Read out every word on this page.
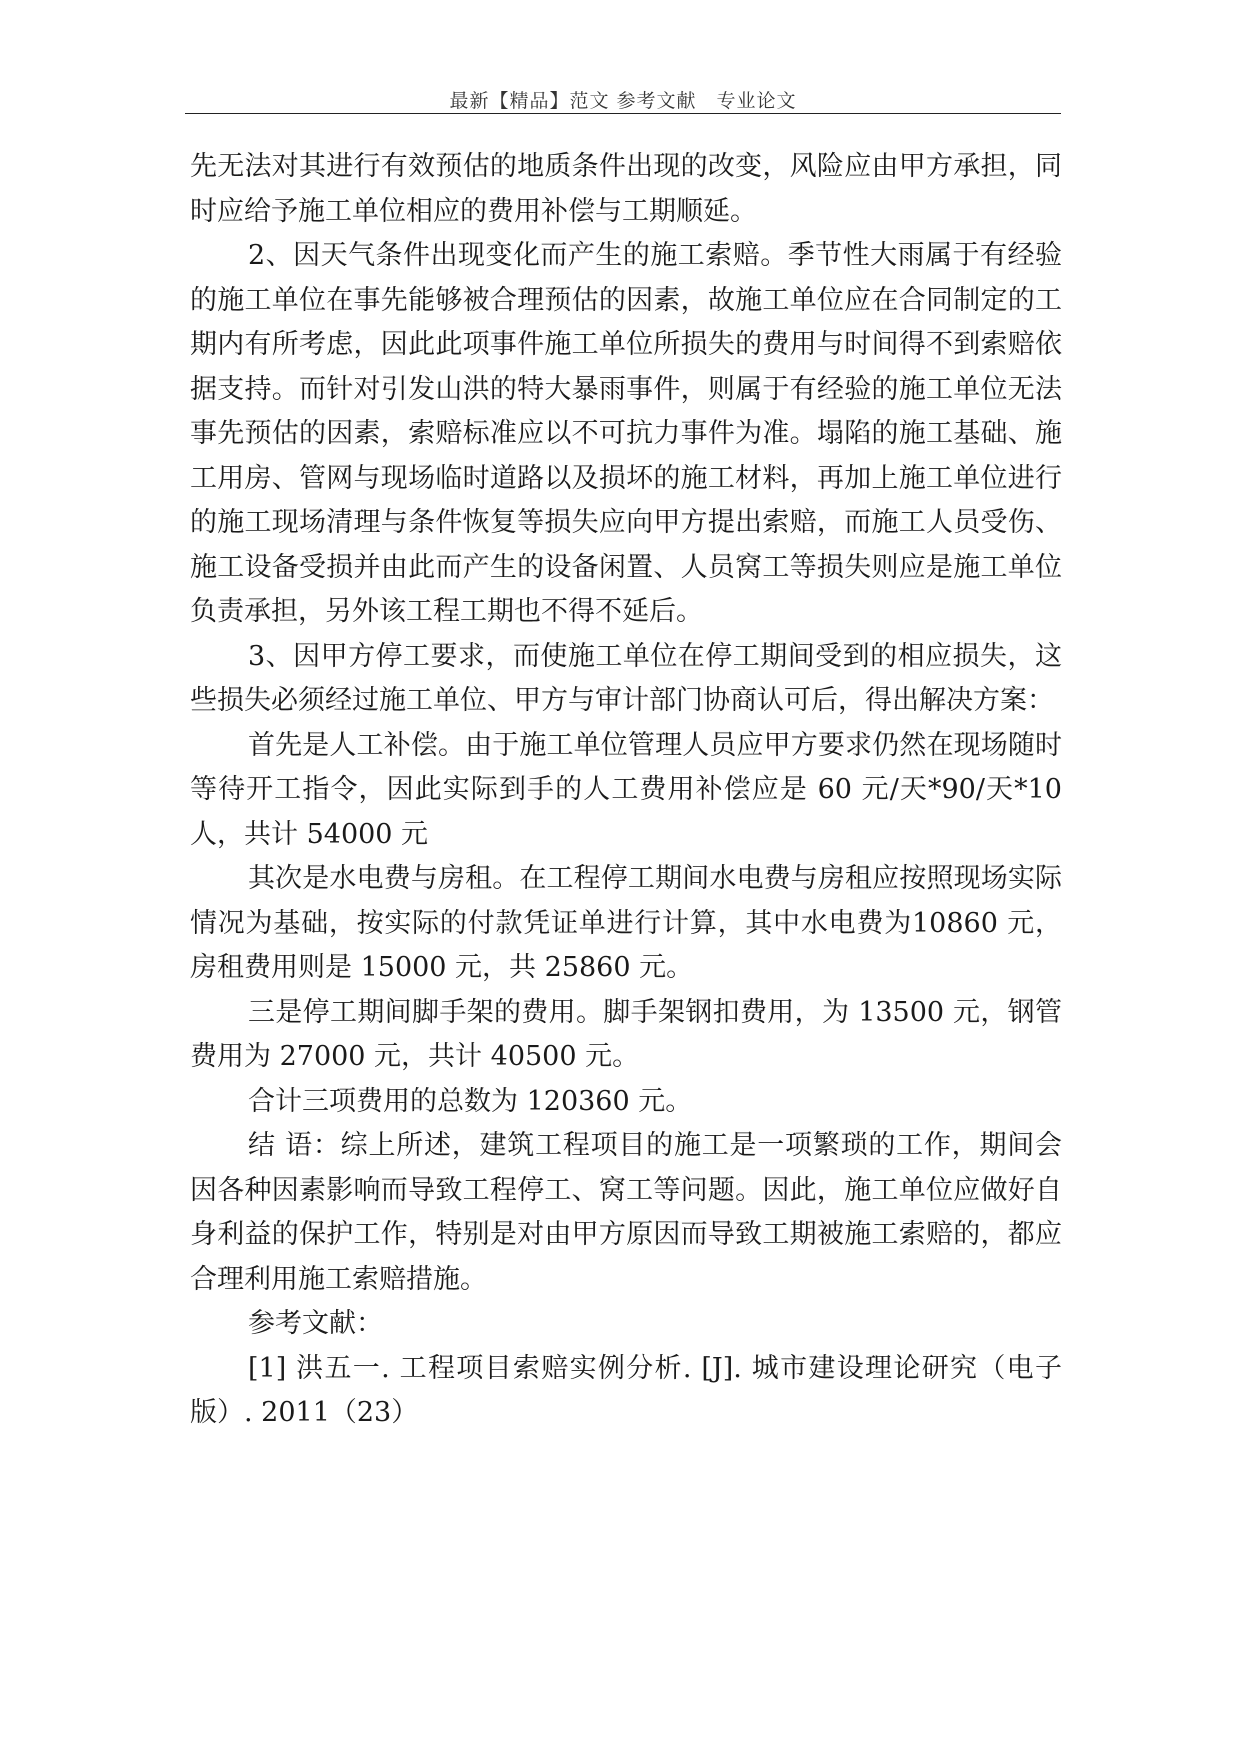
最新【精品】范文 参考文献　专业论文

先无法对其进行有效预估的地质条件出现的改变，风险应由甲方承担，同时应给予施工单位相应的费用补偿与工期顺延。

2、因天气条件出现变化而产生的施工索赔。季节性大雨属于有经验的施工单位在事先能够被合理预估的因素，故施工单位应在合同制定的工期内有所考虑，因此此项事件施工单位所损失的费用与时间得不到索赔依据支持。而针对引发山洪的特大暴雨事件，则属于有经验的施工单位无法事先预估的因素，索赔标准应以不可抗力事件为准。塌陷的施工基础、施工用房、管网与现场临时道路以及损坏的施工材料，再加上施工单位进行的施工现场清理与条件恢复等损失应向甲方提出索赔，而施工人员受伤、施工设备受损并由此而产生的设备闲置、人员窝工等损失则应是施工单位负责承担，另外该工程工期也不得不延后。

3、因甲方停工要求，而使施工单位在停工期间受到的相应损失，这些损失必须经过施工单位、甲方与审计部门协商认可后，得出解决方案：

首先是人工补偿。由于施工单位管理人员应甲方要求仍然在现场随时等待开工指令，因此实际到手的人工费用补偿应是 60 元/天*90/天*10 人，共计 54000 元

其次是水电费与房租。在工程停工期间水电费与房租应按照现场实际情况为基础，按实际的付款凭证单进行计算，其中水电费为10860 元，房租费用则是 15000 元，共 25860 元。

三是停工期间脚手架的费用。脚手架钢扣费用，为 13500 元，钢管费用为 27000 元，共计 40500 元。

合计三项费用的总数为 120360 元。

结 语：综上所述，建筑工程项目的施工是一项繁琐的工作，期间会因各种因素影响而导致工程停工、窝工等问题。因此，施工单位应做好自身利益的保护工作，特别是对由甲方原因而导致工期被施工索赔的，都应合理利用施工索赔措施。

参考文献：

[1] 洪五一. 工程项目索赔实例分析. [J]. 城市建设理论研究（电子版）. 2011（23）
